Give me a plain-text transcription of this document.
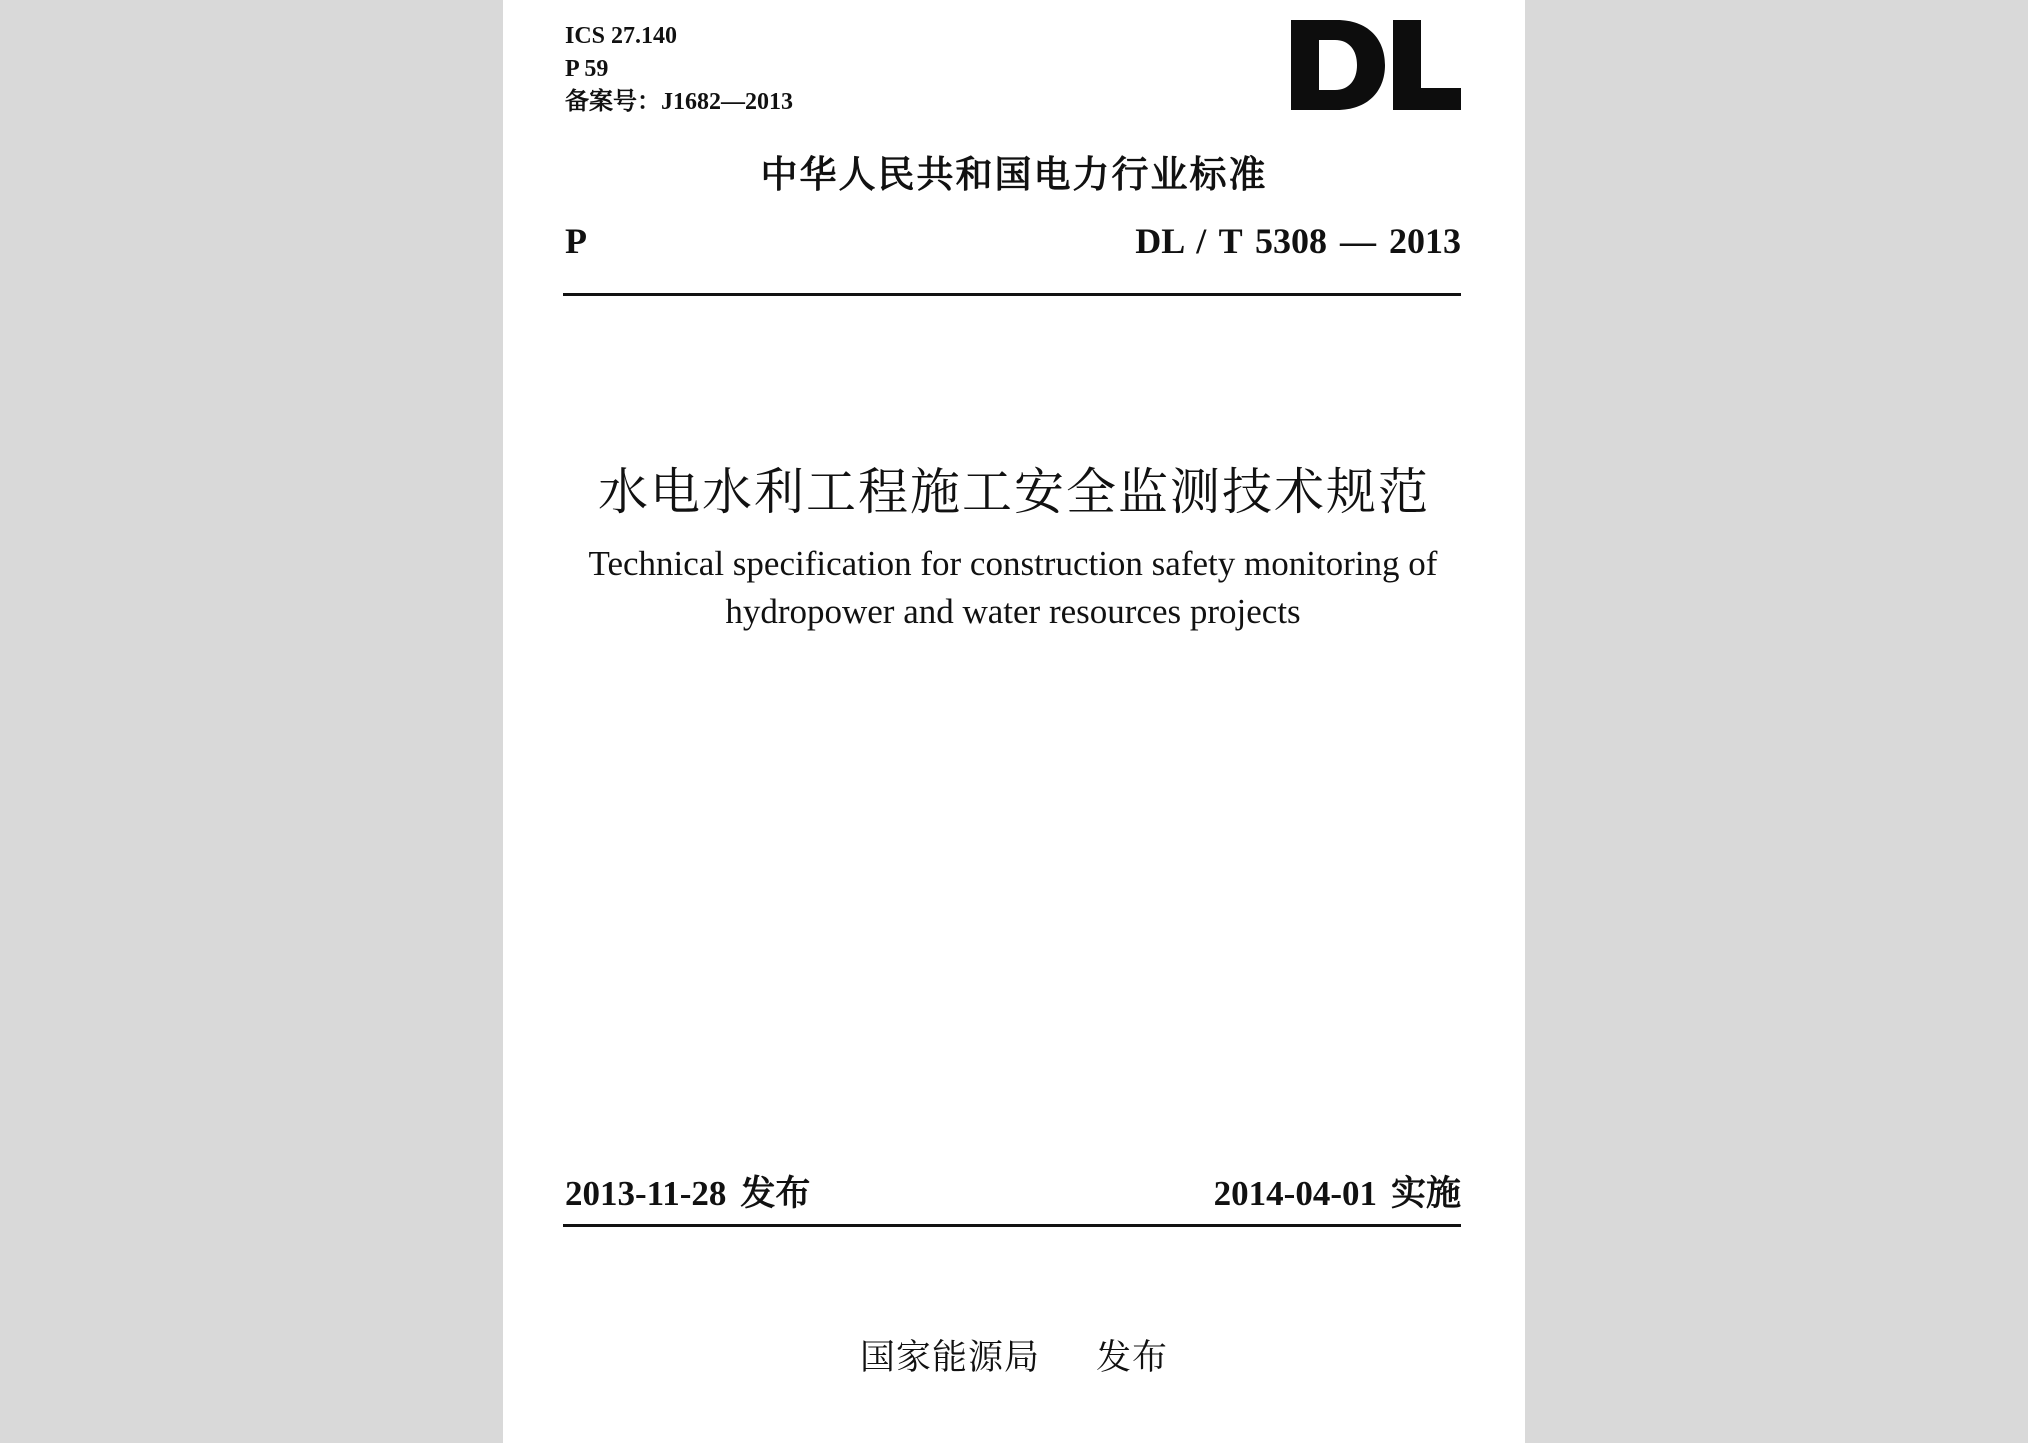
ICS 27.140
P 59
备案号：J1682—2013
中华人民共和国电力行业标准
P	DL / T 5308 — 2013
水电水利工程施工安全监测技术规范
Technical specification for construction safety monitoring of
hydropower and water resources projects
2013-11-28 发布	2014-04-01 实施
国家能源局 发布
